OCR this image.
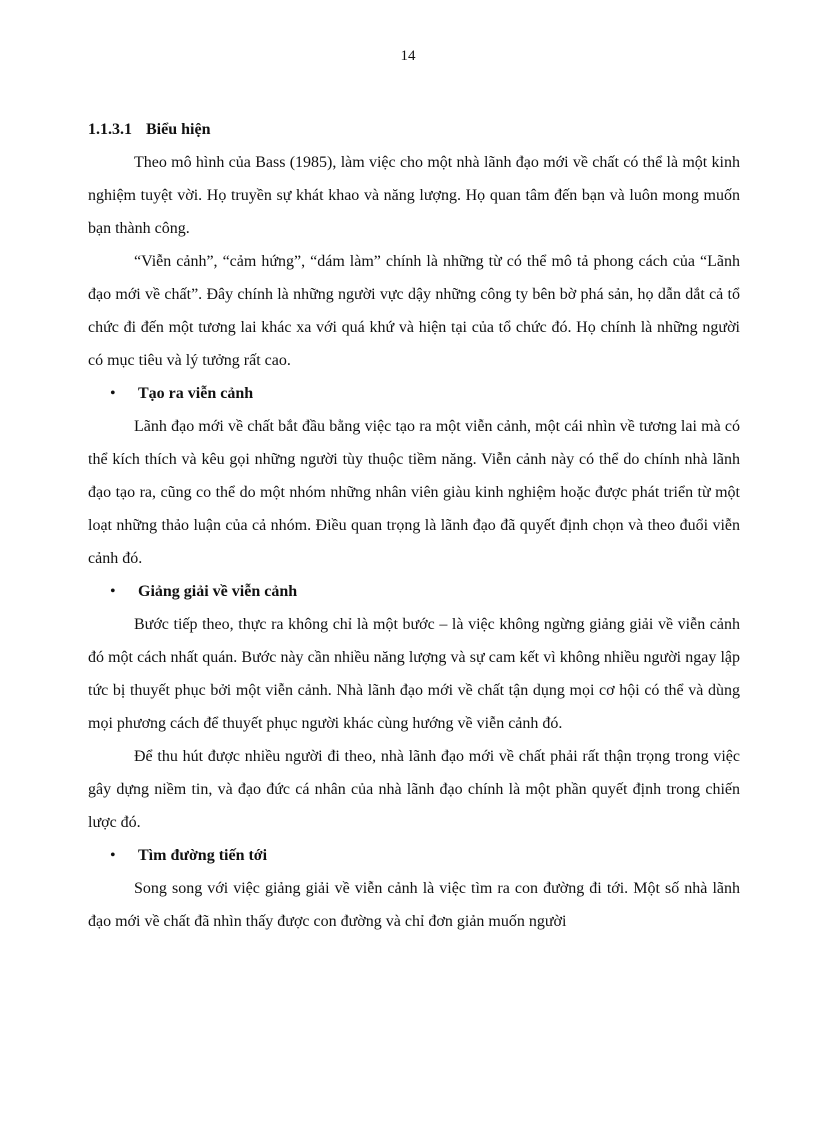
14
1.1.3.1 Biểu hiện

Theo mô hình của Bass (1985), làm việc cho một nhà lãnh đạo mới về chất có thể là một kinh nghiệm tuyệt vời. Họ truyền sự khát khao và năng lượng. Họ quan tâm đến bạn và luôn mong muốn bạn thành công.

“Viễn cảnh”, “cảm hứng”, “dám làm” chính là những từ có thể mô tả phong cách của “Lãnh đạo mới về chất”. Đây chính là những người vực dậy những công ty bên bờ phá sản, họ dẫn dắt cả tổ chức đi đến một tương lai khác xa với quá khứ và hiện tại của tổ chức đó. Họ chính là những người có mục tiêu và lý tưởng rất cao.

• Tạo ra viễn cảnh

Lãnh đạo mới về chất bắt đầu bằng việc tạo ra một viễn cảnh, một cái nhìn về tương lai mà có thể kích thích và kêu gọi những người tùy thuộc tiềm năng. Viễn cảnh này có thể do chính nhà lãnh đạo tạo ra, cũng co thể do một nhóm những nhân viên giàu kinh nghiệm hoặc được phát triển từ một loạt những thảo luận của cả nhóm. Điều quan trọng là lãnh đạo đã quyết định chọn và theo đuổi viễn cảnh đó.

• Giảng giải về viễn cảnh

Bước tiếp theo, thực ra không chỉ là một bước – là việc không ngừng giảng giải về viễn cảnh đó một cách nhất quán. Bước này cần nhiều năng lượng và sự cam kết vì không nhiều người ngay lập tức bị thuyết phục bởi một viễn cảnh. Nhà lãnh đạo mới về chất tận dụng mọi cơ hội có thể và dùng mọi phương cách để thuyết phục người khác cùng hướng về viễn cảnh đó.

Để thu hút được nhiều người đi theo, nhà lãnh đạo mới về chất phải rất thận trọng trong việc gây dựng niềm tin, và đạo đức cá nhân của nhà lãnh đạo chính là một phần quyết định trong chiến lược đó.

• Tìm đường tiến tới

Song song với việc giảng giải về viễn cảnh là việc tìm ra con đường đi tới. Một số nhà lãnh đạo mới về chất đã nhìn thấy được con đường và chỉ đơn giản muốn người
